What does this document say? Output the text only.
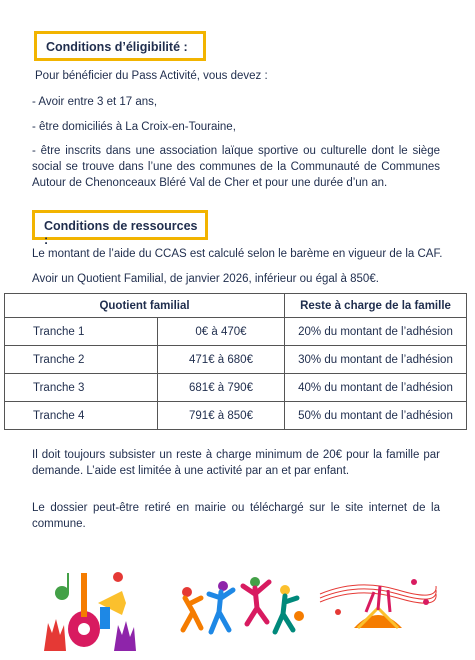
Conditions d’éligibilité :

Pour bénéficier du Pass Activité, vous devez :

- Avoir entre 3 et 17 ans,

- être domiciliés à La Croix-en-Touraine,

- être inscrits dans une association laïque sportive ou culturelle dont le siège social se trouve dans l’une des communes de la Communauté de Communes Autour de Chenonceaux Bléré Val de Cher et pour une durée d’un an.

Conditions de ressources :

Le montant de l’aide du CCAS est calculé selon le barème en vigueur de la CAF.

Avoir un Quotient Familial, de janvier 2026, inférieur ou égal à 850€.

Quotient familial		Reste à charge de la famille
Tranche 1	0€ à 470€	20% du montant de l’adhésion
Tranche 2	471€ à 680€	30% du montant de l’adhésion
Tranche 3	681€ à 790€	40% du montant de l’adhésion
Tranche 4	791€ à 850€	50% du montant de l’adhésion

Il doit toujours subsister un reste à charge minimum de 20€ pour la famille par demande. L’aide est limitée à une activité par an et par enfant.

Le dossier peut-être retiré en mairie ou téléchargé sur le site internet de la commune.
